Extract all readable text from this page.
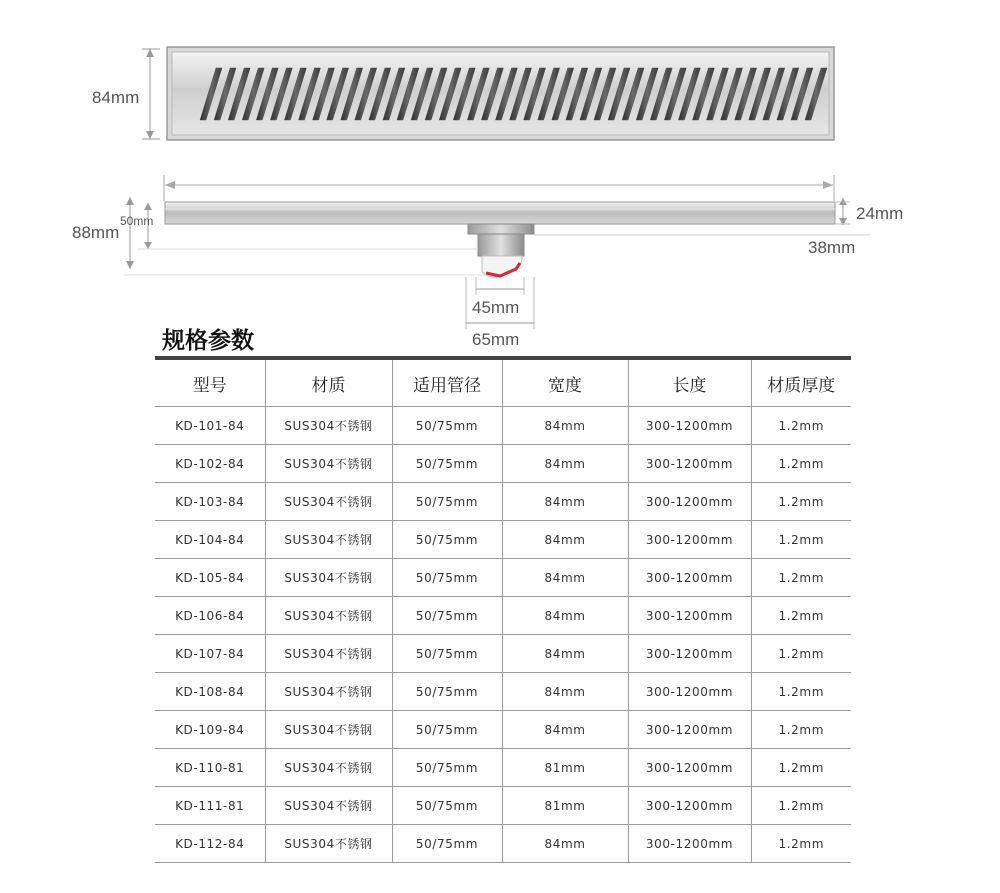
84mm
88mm
50mm	24mm
38mm
45mm
65mm
规格参数
型号	材质	适用管径	宽度	长度	材质厚度
KD-101-84	SUS304不锈钢	50/75mm	84mm	300-1200mm	1.2mm
KD-102-84	SUS304不锈钢	50/75mm	84mm	300-1200mm	1.2mm
KD-103-84	SUS304不锈钢	50/75mm	84mm	300-1200mm	1.2mm
KD-104-84	SUS304不锈钢	50/75mm	84mm	300-1200mm	1.2mm
KD-105-84	SUS304不锈钢	50/75mm	84mm	300-1200mm	1.2mm
KD-106-84	SUS304不锈钢	50/75mm	84mm	300-1200mm	1.2mm
KD-107-84	SUS304不锈钢	50/75mm	84mm	300-1200mm	1.2mm
KD-108-84	SUS304不锈钢	50/75mm	84mm	300-1200mm	1.2mm
KD-109-84	SUS304不锈钢	50/75mm	84mm	300-1200mm	1.2mm
KD-110-81	SUS304不锈钢	50/75mm	81mm	300-1200mm	1.2mm
KD-111-81	SUS304不锈钢	50/75mm	81mm	300-1200mm	1.2mm
KD-112-84	SUS304不锈钢	50/75mm	84mm	300-1200mm	1.2mm
